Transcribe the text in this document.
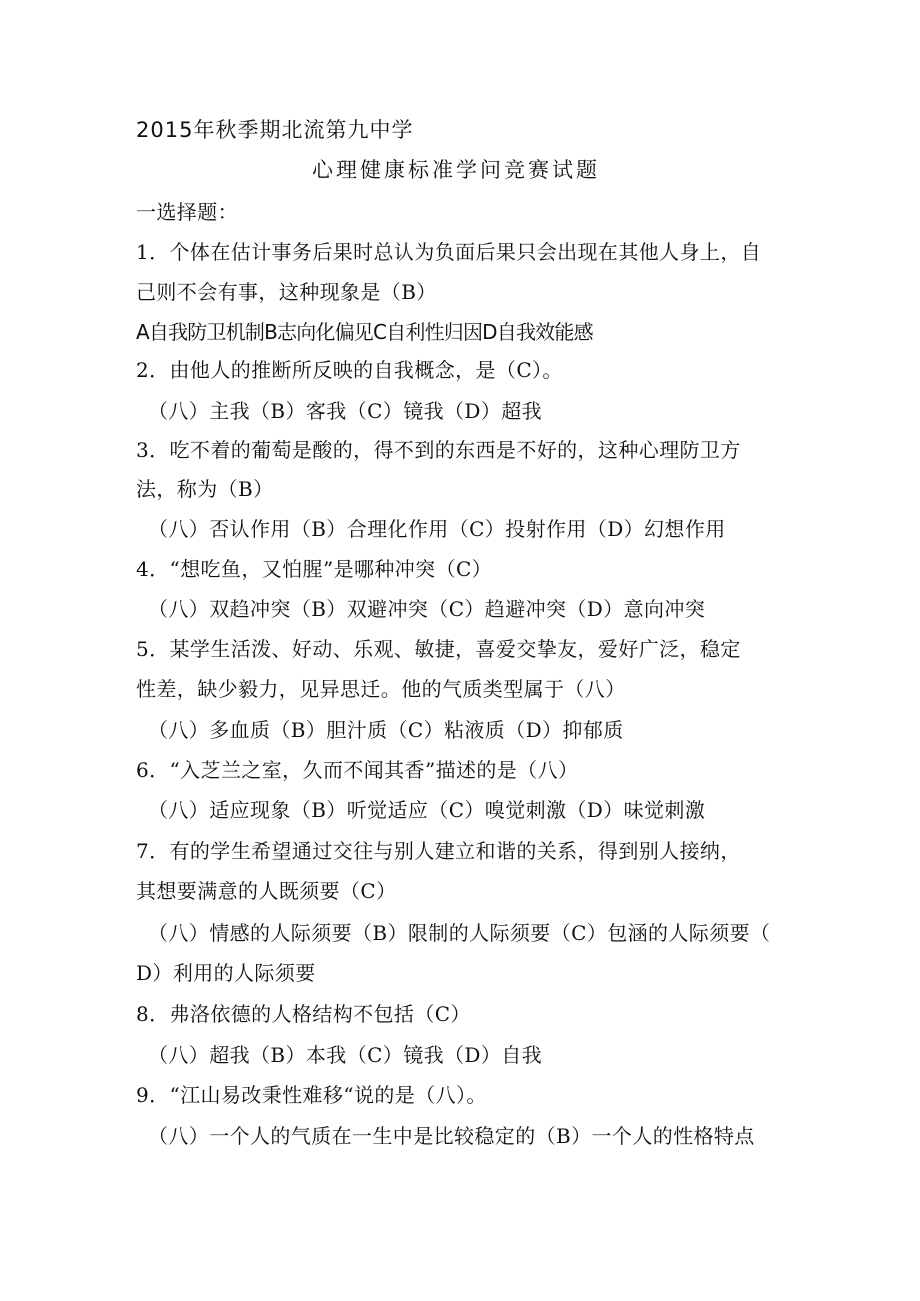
2015年秋季期北流第九中学
心理健康标准学问竞赛试题
一选择题：
1．个体在估计事务后果时总认为负面后果只会出现在其他人身上，自
己则不会有事，这种现象是（B）
A自我防卫机制B志向化偏见C自利性归因D自我效能感
2．由他人的推断所反映的自我概念，是（C）。
（八）主我（B）客我（C）镜我（D）超我
3．吃不着的葡萄是酸的，得不到的东西是不好的，这种心理防卫方
法，称为（B）
（八）否认作用（B）合理化作用（C）投射作用（D）幻想作用
4．“想吃鱼，又怕腥”是哪种冲突（C）
（八）双趋冲突（B）双避冲突（C）趋避冲突（D）意向冲突
5．某学生活泼、好动、乐观、敏捷，喜爱交挚友，爱好广泛，稳定
性差，缺少毅力，见异思迁。他的气质类型属于（八）
（八）多血质（B）胆汁质（C）粘液质（D）抑郁质
6．“入芝兰之室，久而不闻其香”描述的是（八）
（八）适应现象（B）听觉适应（C）嗅觉刺激（D）味觉刺激
7．有的学生希望通过交往与别人建立和谐的关系，得到别人接纳，
其想要满意的人既须要（C）
（八）情感的人际须要（B）限制的人际须要（C）包涵的人际须要（
D）利用的人际须要
8．弗洛依德的人格结构不包括（C）
（八）超我（B）本我（C）镜我（D）自我
9．“江山易改秉性难移“说的是（八）。
（八）一个人的气质在一生中是比较稳定的（B）一个人的性格特点
